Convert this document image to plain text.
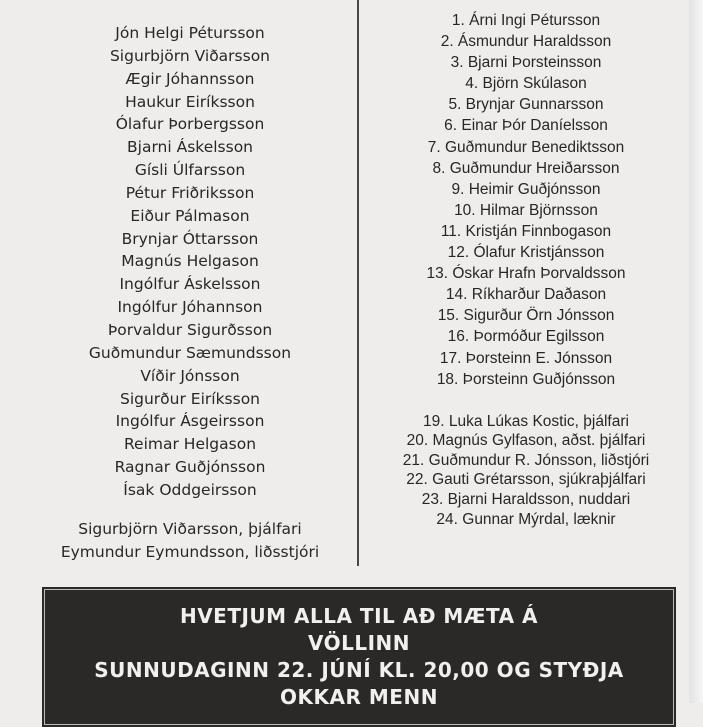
Jón Helgi Pétursson
Sigurbjörn Viðarsson
Ægir Jóhannsson
Haukur Eiríksson
Ólafur Þorbergsson
Bjarni Áskelsson
Gísli Úlfarsson
Pétur Friðriksson
Eiður Pálmason
Brynjar Óttarsson
Magnús Helgason
Ingólfur Áskelsson
Ingólfur Jóhannson
Þorvaldur Sigurðsson
Guðmundur Sæmundsson
Víðir Jónsson
Sigurður Eiríksson
Ingólfur Ásgeirsson
Reimar Helgason
Ragnar Guðjónsson
Ísak Oddgeirsson
Sigurbjörn Viðarsson, þjálfari
Eymundur Eymundsson, liðsstjóri
1. Árni Ingi Pétursson
2. Ásmundur Haraldsson
3. Bjarni Þorsteinsson
4. Björn Skúlason
5. Brynjar Gunnarsson
6. Einar Þór Daníelsson
7. Guðmundur Benediktsson
8. Guðmundur Hreiðarsson
9. Heimir Guðjónsson
10. Hilmar Björnsson
11. Kristján Finnbogason
12. Ólafur Kristjánsson
13. Óskar Hrafn Þorvaldsson
14. Ríkharður Daðason
15. Sigurður Örn Jónsson
16. Þormóður Egilsson
17. Þorsteinn E. Jónsson
18. Þorsteinn Guðjónsson
19. Luka Lúkas Kostic, þjálfari
20. Magnús Gylfason, aðst. þjálfari
21. Guðmundur R. Jónsson, liðstjóri
22. Gauti Grétarsson, sjúkraþjálfari
23. Bjarni Haraldsson, nuddari
24. Gunnar Mýrdal, læknir
HVETJUM ALLA TIL AÐ MÆTA Á
VÖLLINN
SUNNUDAGINN 22. JÚNÍ KL. 20,00 OG STYÐJA
OKKAR MENN
